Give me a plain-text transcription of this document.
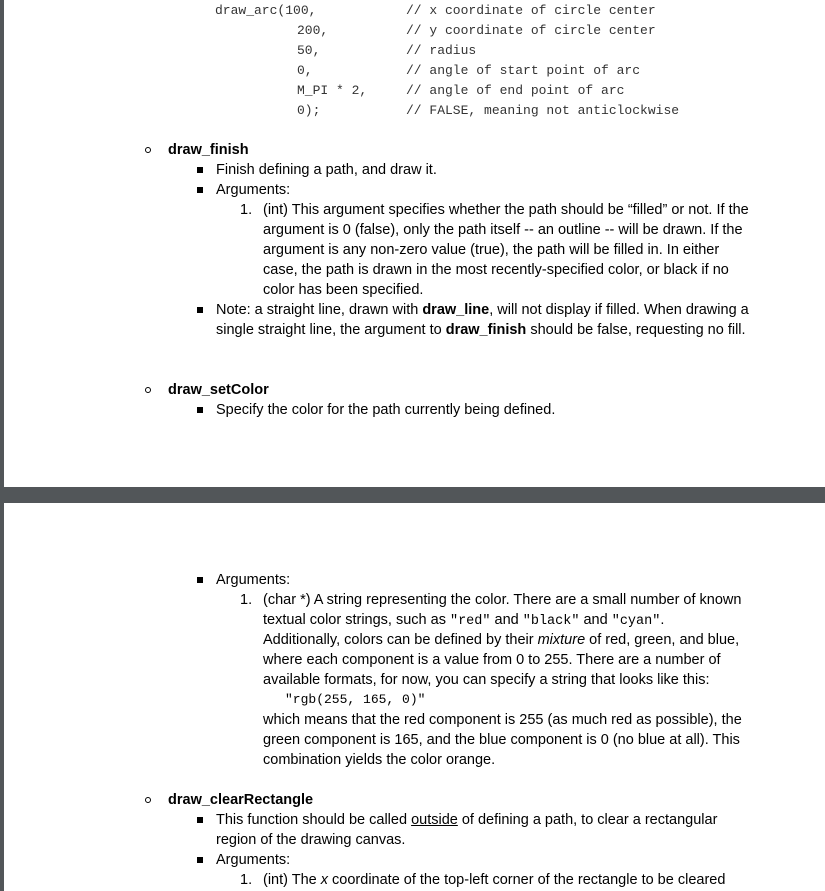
draw_arc(100,	// x coordinate of circle center
200,	// y coordinate of circle center
50,	// radius
0,	// angle of start point of arc
M_PI * 2,	// angle of end point of arc
0);	// FALSE, meaning not anticlockwise
draw_finish
Finish defining a path, and draw it.
Arguments:
1. (int) This argument specifies whether the path should be “filled” or not. If the
argument is 0 (false), only the path itself -- an outline -- will be drawn. If the
argument is any non-zero value (true), the path will be filled in. In either
case, the path is drawn in the most recently-specified color, or black if no
color has been specified.
Note: a straight line, drawn with draw_line, will not display if filled. When drawing a
single straight line, the argument to draw_finish should be false, requesting no fill.
draw_setColor
Specify the color for the path currently being defined.
Arguments:
1. (char *) A string representing the color. There are a small number of known
textual color strings, such as "red" and "black" and "cyan".
Additionally, colors can be defined by their mixture of red, green, and blue,
where each component is a value from 0 to 255. There are a number of
available formats, for now, you can specify a string that looks like this:
"rgb(255, 165, 0)"
which means that the red component is 255 (as much red as possible), the
green component is 165, and the blue component is 0 (no blue at all). This
combination yields the color orange.
draw_clearRectangle
This function should be called outside of defining a path, to clear a rectangular
region of the drawing canvas.
Arguments:
1. (int) The x coordinate of the top-left corner of the rectangle to be cleared
